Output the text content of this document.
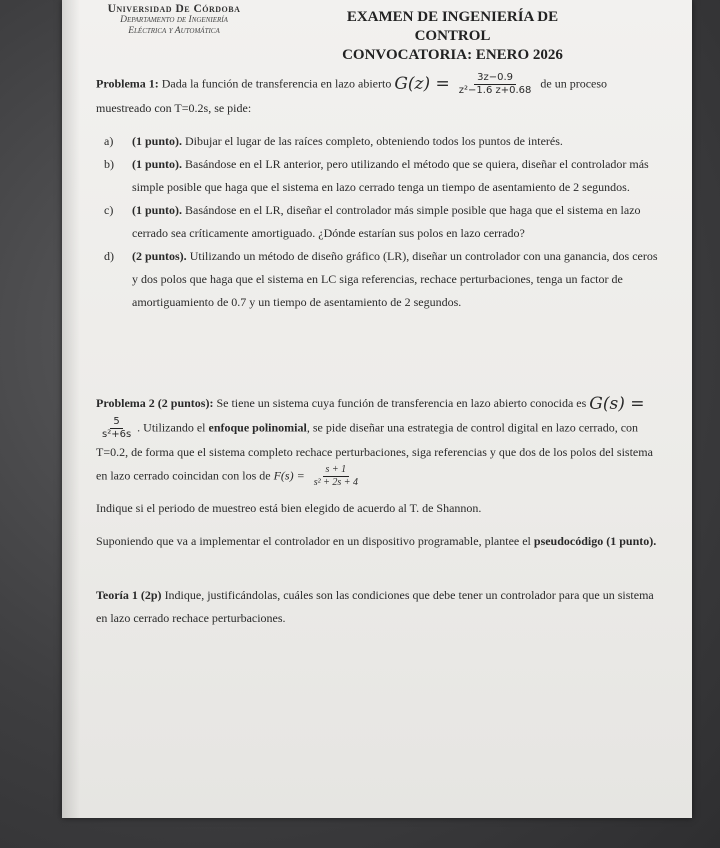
Universidad De Córdoba
Departamento de Ingeniería
Eléctrica y Automática
EXAMEN DE INGENIERÍA DE CONTROL
CONVOCATORIA: ENERO 2026
Problema 1: Dada la función de transferencia en lazo abierto $G(z) = \frac{3z-0.9}{\text{z²−1.6 z+0.68}}$ de un proceso muestreado con T=0.2s, se pide:
a)	(1 punto). Dibujar el lugar de las raíces completo, obteniendo todos los puntos de interés.
b)	(1 punto). Basándose en el LR anterior, pero utilizando el método que se quiera, diseñar el controlador más simple posible que haga que el sistema en lazo cerrado tenga un tiempo de asentamiento de 2 segundos.
c)	(1 punto). Basándose en el LR, diseñar el controlador más simple posible que haga que el sistema en lazo cerrado sea críticamente amortiguado. ¿Dónde estarían sus polos en lazo cerrado?
d)	(2 puntos). Utilizando un método de diseño gráfico (LR), diseñar un controlador con una ganancia, dos ceros y dos polos que haga que el sistema en LC siga referencias, rechace perturbaciones, tenga un factor de amortiguamiento de 0.7 y un tiempo de asentamiento de 2 segundos.
Problema 2 (2 puntos): Se tiene un sistema cuya función de transferencia en lazo abierto conocida es G(s) =
$\frac{5}{\text{s²+6s}}$ . Utilizando el enfoque polinomial, se pide diseñar una estrategia de control digital en lazo cerrado, con T=0.2, de forma que el sistema completo rechace perturbaciones, siga referencias y que dos de los polos del sistema en lazo cerrado coincidan con los de $F(s) = \frac{s + 1}{\text{s² + 2s + 4}}$
Indique si el periodo de muestreo está bien elegido de acuerdo al T. de Shannon.
Suponiendo que va a implementar el controlador en un dispositivo programable, plantee el pseudocódigo (1 punto).
Teoría 1 (2p) Indique, justificándolas, cuáles son las condiciones que debe tener un controlador para que un sistema en lazo cerrado rechace perturbaciones.
